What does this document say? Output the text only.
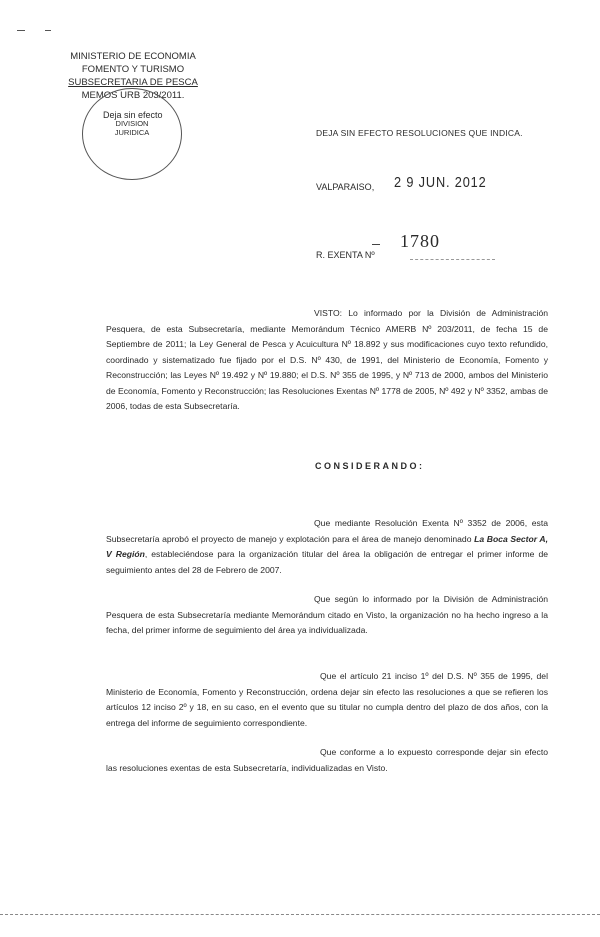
MINISTERIO DE ECONOMIA
FOMENTO Y TURISMO
SUBSECRETARIA DE PESCA
MEMOS URB 203/2011.
DIVISION
JURIDICA
Deja sin efecto
DEJA SIN EFECTO RESOLUCIONES QUE INDICA.
VALPARAISO, 2 9 JUN. 2012
1780
R. EXENTA Nº
VISTO: Lo informado por la División de Administración Pesquera, de esta Subsecretaría, mediante Memorándum Técnico AMERB Nº 203/2011, de fecha 15 de Septiembre de 2011; la Ley General de Pesca y Acuicultura Nº 18.892 y sus modificaciones cuyo texto refundido, coordinado y sistematizado fue fijado por el D.S. Nº 430, de 1991, del Ministerio de Economía, Fomento y Reconstrucción; las Leyes Nº 19.492 y Nº 19.880; el D.S. Nº 355 de 1995, y Nº 713 de 2000, ambos del Ministerio de Economía, Fomento y Reconstrucción; las Resoluciones Exentas Nº 1778 de 2005, Nº 492 y Nº 3352, ambas de 2006, todas de esta Subsecretaría.
CONSIDERANDO:
Que mediante Resolución Exenta Nº 3352 de 2006, esta Subsecretaría aprobó el proyecto de manejo y explotación para el área de manejo denominado La Boca Sector A, V Región, estableciéndose para la organización titular del área la obligación de entregar el primer informe de seguimiento antes del 28 de Febrero de 2007.
Que según lo informado por la División de Administración Pesquera de esta Subsecretaría mediante Memorándum citado en Visto, la organización no ha hecho ingreso a la fecha, del primer informe de seguimiento del área ya individualizada.
Que el artículo 21 inciso 1º del D.S. Nº 355 de 1995, del Ministerio de Economía, Fomento y Reconstrucción, ordena dejar sin efecto las resoluciones a que se refieren los artículos 12 inciso 2º y 18, en su caso, en el evento que su titular no cumpla dentro del plazo de dos años, con la entrega del informe de seguimiento correspondiente.
Que conforme a lo expuesto corresponde dejar sin efecto las resoluciones exentas de esta Subsecretaría, individualizadas en Visto.
